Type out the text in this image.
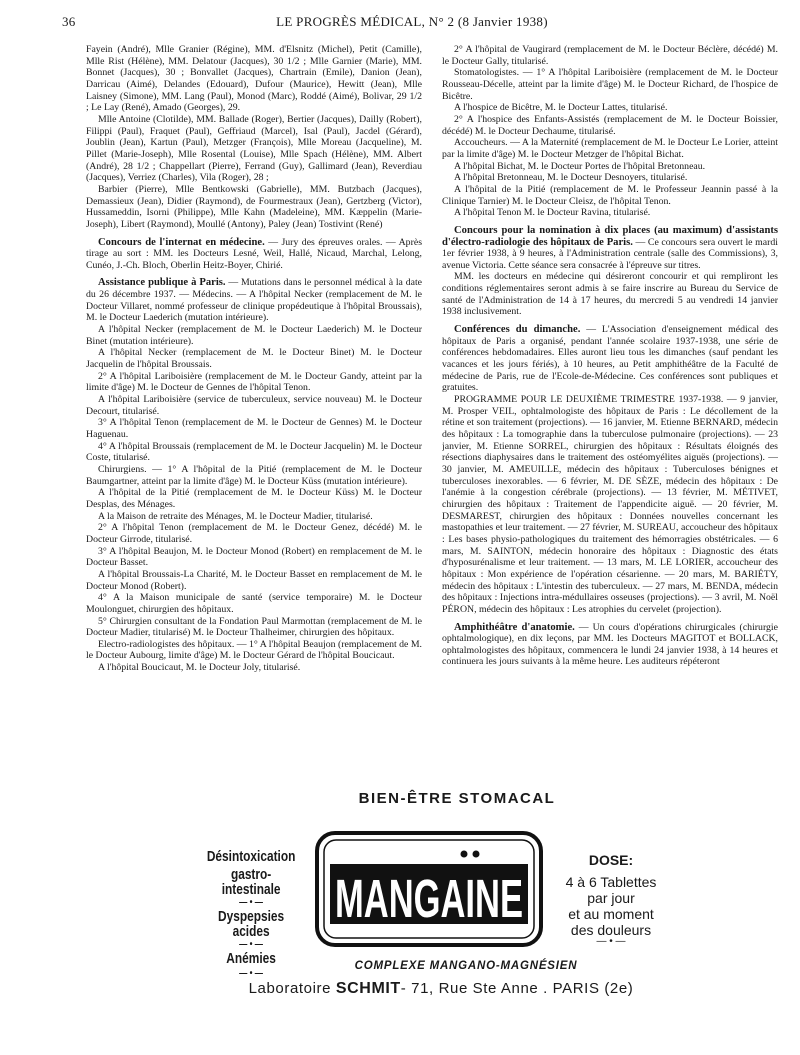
36	LE PROGRÈS MÉDICAL, N° 2 (8 Janvier 1938)

Fayein (André), Mlle Granier (Régine), MM. d'Elsnitz (Michel), Petit (Camille), Mlle Rist (Hélène), MM. Delatour (Jacques), 30 1/2 ; Mlle Garnier (Marie), MM. Bonnet (Jacques), 30 ; Bonvallet (Jacques), Chartrain (Emile), Danion (Jean), Darricau (Aimé), Delandes (Edouard), Dufour (Maurice), Hewitt (Jean), Mlle Laisney (Simone), MM. Lang (Paul), Monod (Marc), Roddé (Aimé), Bolivar, 29 1/2 ; Le Lay (René), Amado (Georges), 29.

Mlle Antoine (Clotilde), MM. Ballade (Roger), Bertier (Jacques), Dailly (Robert), Filippi (Paul), Fraquet (Paul), Geffriaud (Marcel), Isal (Paul), Jacdel (Gérard), Joublin (Jean), Kartun (Paul), Metzger (François), Mlle Moreau (Jacqueline), M. Pillet (Marie-Joseph), Mlle Rosental (Louise), Mlle Spach (Hélène), MM. Albert (André), 28 1/2 ; Chappellart (Pierre), Ferrand (Guy), Gallimard (Jean), Reverdiau (Jacques), Verriez (Charles), Vila (Roger), 28 ;

Barbier (Pierre), Mlle Bentkowski (Gabrielle), MM. Butzbach (Jacques), Demassieux (Jean), Didier (Raymond), de Fourmestraux (Jean), Gertzberg (Victor), Hussameddin, Isorni (Philippe), Mlle Kahn (Madeleine), MM. Kæppelin (Marie-Joseph), Libert (Raymond), Moullé (Antony), Paley (Jean) Tostivint (René)

Concours de l'internat en médecine. — Jury des épreuves orales. — Après tirage au sort : MM. les Docteurs Lesné, Weil, Hallé, Nicaud, Marchal, Lelong, Cunéo, J.-Ch. Bloch, Oberlin Heitz-Boyer, Chirié.

Assistance publique à Paris. — Mutations dans le personnel médical à la date du 26 décembre 1937. — Médecins. — A l'hôpital Necker (remplacement de M. le Docteur Villaret, nommé professeur de clinique propédeutique à l'hôpital Broussais), M. le Docteur Laederich (mutation intérieure).

A l'hôpital Necker (remplacement de M. le Docteur Laederich) M. le Docteur Binet (mutation intérieure).

A l'hôpital Necker (remplacement de M. le Docteur Binet) M. le Docteur Jacquelin de l'hôpital Broussais.

2° A l'hôpital Lariboisière (remplacement de M. le Docteur Gandy, atteint par la limite d'âge) M. le Docteur de Gennes de l'hôpital Tenon.

A l'hôpital Lariboisière (service de tuberculeux, service nouveau) M. le Docteur Decourt, titularisé.

3° A l'hôpital Tenon (remplacement de M. le Docteur de Gennes) M. le Docteur Haguenau.

4° A l'hôpital Broussais (remplacement de M. le Docteur Jacquelin) M. le Docteur Coste, titularisé.

Chirurgiens. — 1° A l'hôpital de la Pitié (remplacement de M. le Docteur Baumgartner, atteint par la limite d'âge) M. le Docteur Küss (mutation intérieure).

A l'hôpital de la Pitié (remplacement de M. le Docteur Küss) M. le Docteur Desplas, des Ménages.

A la Maison de retraite des Ménages, M. le Docteur Madier, titularisé.

2° A l'hôpital Tenon (remplacement de M. le Docteur Genez, décédé) M. le Docteur Girrode, titularisé.

3° A l'hôpital Beaujon, M. le Docteur Monod (Robert) en remplacement de M. le Docteur Basset.

A l'hôpital Broussais-La Charité, M. le Docteur Basset en remplacement de M. le Docteur Monod (Robert).

4° A la Maison municipale de santé (service temporaire) M. le Docteur Moulonguet, chirurgien des hôpitaux.

5° Chirurgien consultant de la Fondation Paul Marmottan (remplacement de M. le Docteur Madier, titularisé) M. le Docteur Thalheimer, chirurgien des hôpitaux.

Electro-radiologistes des hôpitaux. — 1° A l'hôpital Beaujon (remplacement de M. le Docteur Aubourg, limite d'âge) M. le Docteur Gérard de l'hôpital Boucicaut.

A l'hôpital Boucicaut, M. le Docteur Joly, titularisé.

2° A l'hôpital de Vaugirard (remplacement de M. le Docteur Béclère, décédé) M. le Docteur Gally, titularisé.

Stomatologistes. — 1° A l'hôpital Lariboisière (remplacement de M. le Docteur Rousseau-Décelle, atteint par la limite d'âge) M. le Docteur Richard, de l'hospice de Bicêtre.

A l'hospice de Bicêtre, M. le Docteur Lattes, titularisé.

2° A l'hospice des Enfants-Assistés (remplacement de M. le Docteur Boissier, décédé) M. le Docteur Dechaume, titularisé.

Accoucheurs. — A la Maternité (remplacement de M. le Docteur Le Lorier, atteint par la limite d'âge) M. le Docteur Metzger de l'hôpital Bichat.

A l'hôpital Bichat, M. le Docteur Portes de l'hôpital Bretonneau.

A l'hôpital Bretonneau, M. le Docteur Desnoyers, titularisé.

A l'hôpital de la Pitié (remplacement de M. le Professeur Jeannin passé à la Clinique Tarnier) M. le Docteur Cleisz, de l'hôpital Tenon.

A l'hôpital Tenon M. le Docteur Ravina, titularisé.

Concours pour la nomination à dix places (au maximum) d'assistants d'électro-radiologie des hôpitaux de Paris. — Ce concours sera ouvert le mardi 1er février 1938, à 9 heures, à l'Administration centrale (salle des Commissions), 3, avenue Victoria. Cette séance sera consacrée à l'épreuve sur titres.

MM. les docteurs en médecine qui désireront concourir et qui rempliront les conditions réglementaires seront admis à se faire inscrire au Bureau du Service de santé de l'Administration de 14 à 17 heures, du mercredi 5 au vendredi 14 janvier 1938 inclusivement.

Conférences du dimanche. — L'Association d'enseignement médical des hôpitaux de Paris a organisé, pendant l'année scolaire 1937-1938, une série de conférences hebdomadaires. Elles auront lieu tous les dimanches (sauf pendant les vacances et les jours fériés), à 10 heures, au Petit amphithéâtre de la Faculté de médecine de Paris, rue de l'Ecole-de-Médecine. Ces conférences sont publiques et gratuites.

PROGRAMME POUR LE DEUXIÈME TRIMESTRE 1937-1938. — 9 janvier, M. Prosper VEIL, ophtalmologiste des hôpitaux de Paris : Le décollement de la rétine et son traitement (projections). — 16 janvier, M. Etienne BERNARD, médecin des hôpitaux : La tomographie dans la tuberculose pulmonaire (projections). — 23 janvier, M. Etienne SORREL, chirurgien des hôpitaux : Résultats éloignés des résections diaphysaires dans le traitement des ostéomyélites aiguës (projections). — 30 janvier, M. AMEUILLE, médecin des hôpitaux : Tuberculoses bénignes et tuberculoses inexorables. — 6 février, M. DE SÈZE, médecin des hôpitaux : De l'anémie à la congestion cérébrale (projections). — 13 février, M. MÉTIVET, chirurgien des hôpitaux : Traitement de l'appendicite aiguë. — 20 février, M. DESMAREST, chirurgien des hôpitaux : Données nouvelles concernant les mastopathies et leur traitement. — 27 février, M. SUREAU, accoucheur des hôpitaux : Les bases physio-pathologiques du traitement des hémorragies obstétricales. — 6 mars, M. SAINTON, médecin honoraire des hôpitaux : Diagnostic des états d'hyposurénalisme et leur traitement. — 13 mars, M. LE LORIER, accoucheur des hôpitaux : Mon expérience de l'opération césarienne. — 20 mars, M. BARIÉTY, médecin des hôpitaux : L'intestin des tuberculeux. — 27 mars, M. BENDA, médecin des hôpitaux : Injections intra-médullaires osseuses (projections). — 3 avril, M. Noël PÉRON, médecin des hôpitaux : Les atrophies du cervelet (projection).

Amphithéâtre d'anatomie. — Un cours d'opérations chirurgicales (chirurgie ophtalmologique), en dix leçons, par MM. les Docteurs MAGITOT et BOLLACK, ophtalmologistes des hôpitaux, commencera le lundi 24 janvier 1938, à 14 heures et continuera les jours suivants à la même heure. Les auditeurs répéteront

BIEN-ÊTRE STOMACAL
Désintoxication
gastro-intestinale
— • —
Dyspepsies acides
— • —
Anémies
— • —
MANGAINE
DOSE:
4 à 6 Tablettes
par jour
et au moment
des douleurs
— • —
COMPLEXE MANGANO-MAGNÉSIEN
Laboratoire SCHMIT- 71, Rue Ste Anne . PARIS (2e)
